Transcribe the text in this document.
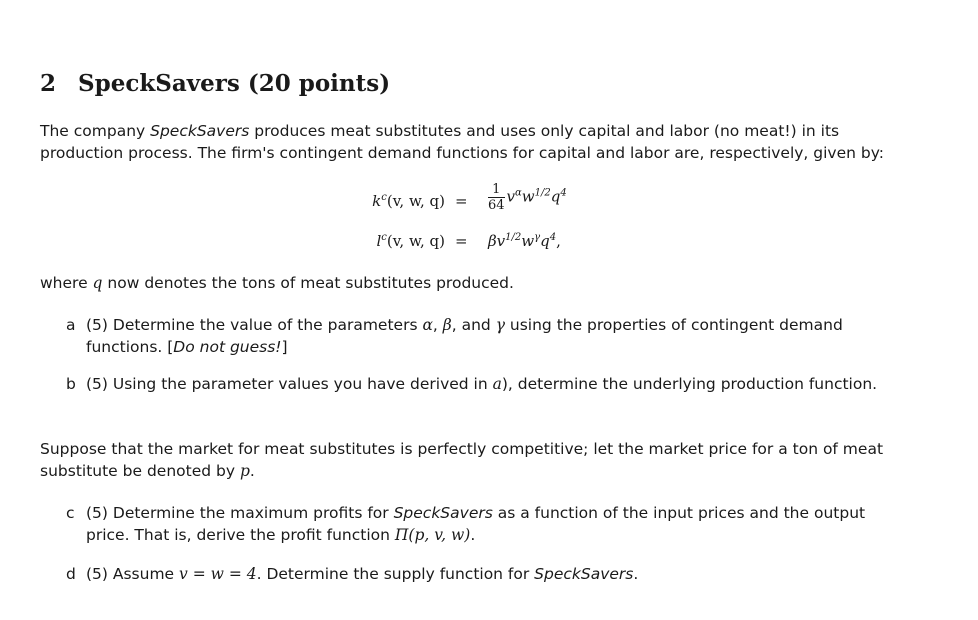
2 SpeckSavers (20 points)

The company SpeckSavers produces meat substitutes and uses only capital and labor (no meat!) in its production process. The firm's contingent demand functions for capital and labor are, respectively, given by:

$k^c(v$, w, $q) = \frac{1}{64} v^\alpha w^{1/2}q^4$
$l^c(v$, w, $q) = \beta v^{1/2}w^\gamma q^4$,

where q now denotes the tons of meat substitutes produced.

a (5) Determine the value of the parameters α, β, and γ using the properties of contingent demand functions. [Do not guess!]
b (5) Using the parameter values you have derived in a), determine the underlying production function.

Suppose that the market for meat substitutes is perfectly competitive; let the market price for a ton of meat substitute be denoted by p.

c (5) Determine the maximum profits for SpeckSavers as a function of the input prices and the output price. That is, derive the profit function Π(p, v, w).
d (5) Assume v = w = 4. Determine the supply function for SpeckSavers.
